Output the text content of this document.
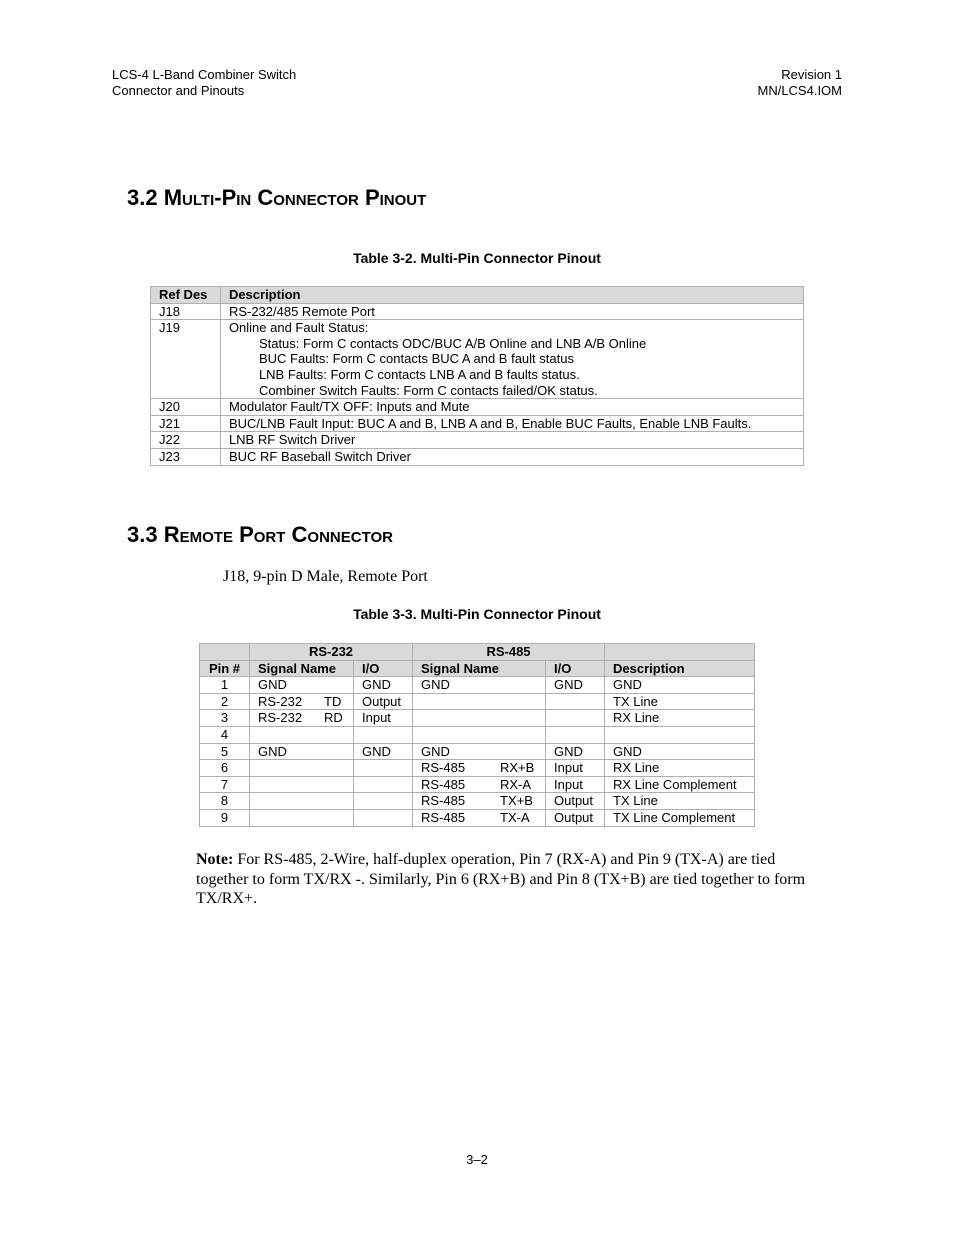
LCS-4 L-Band Combiner Switch
Connector and Pinouts
Revision 1
MN/LCS4.IOM
3.2 Multi-Pin Connector Pinout
Table 3-2. Multi-Pin Connector Pinout
Ref Des	Description
J18	RS-232/485 Remote Port

J19	Online and Fault Status:
Status: Form C contacts ODC/BUC A/B Online and LNB A/B Online
BUC Faults: Form C contacts BUC A and B fault status
LNB Faults: Form C contacts LNB A and B faults status.
Combiner Switch Faults: Form C contacts failed/OK status.

J20	Modulator Fault/TX OFF: Inputs and Mute

J21	BUC/LNB Fault Input: BUC A and B, LNB A and B, Enable BUC Faults, Enable LNB Faults.

J22	LNB RF Switch Driver

J23	BUC RF Baseball Switch Driver
3.3 Remote Port Connector
J18, 9-pin D Male, Remote Port
Table 3-3. Multi-Pin Connector Pinout
	RS-232		RS-485		
Pin #	Signal Name	I/O	Signal Name	I/O	Description
1	GND	GND	GND	GND	GND
2	RS-232 TD	Output			TX Line
3	RS-232 RD	Input			RX Line
4					
5	GND	GND	GND	GND	GND
6			RS-485 RX+B	Input	RX Line
7			RS-485 RX-A	Input	RX Line Complement
8			RS-485 TX+B	Output	TX Line
9			RS-485 TX-A	Output	TX Line Complement
Note: For RS-485, 2-Wire, half-duplex operation, Pin 7 (RX-A) and Pin 9 (TX-A) are tied together to form TX/RX -. Similarly, Pin 6 (RX+B) and Pin 8 (TX+B) are tied together to form TX/RX+.
3–2
